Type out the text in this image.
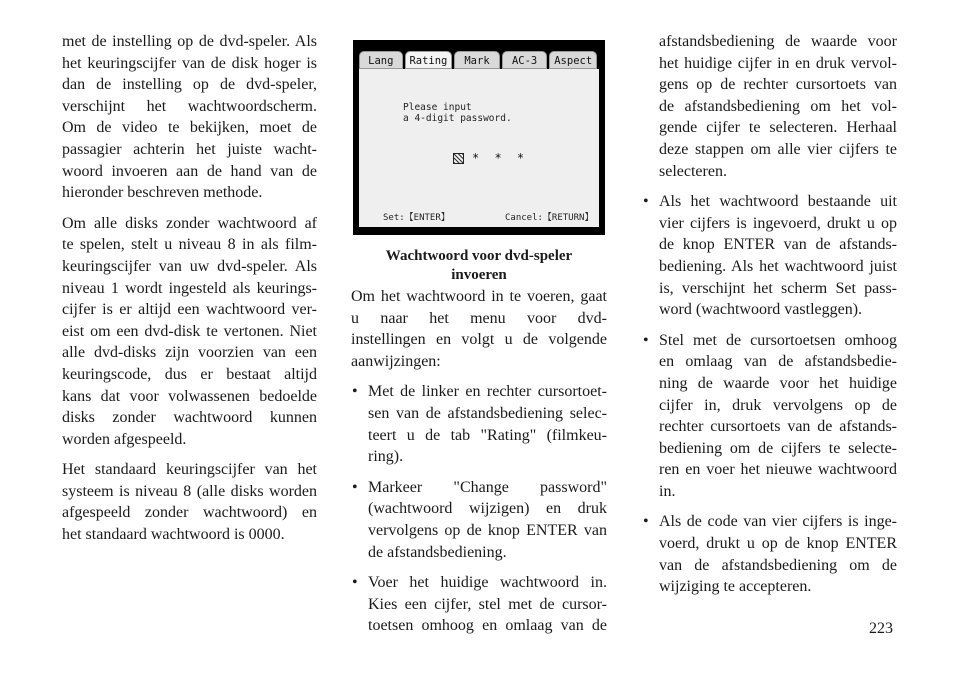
met de instelling op de dvd-speler. Als
het keuringscijfer van de disk hoger is
dan de instelling op de dvd-speler,
verschijnt het wachtwoordscherm.
Om de video te bekijken, moet de
passagier achterin het juiste wacht-
woord invoeren aan de hand van de
hieronder beschreven methode.

Om alle disks zonder wachtwoord af
te spelen, stelt u niveau 8 in als film-
keuringscijfer van uw dvd-speler. Als
niveau 1 wordt ingesteld als keurings-
cijfer is er altijd een wachtwoord ver-
eist om een dvd-disk te vertonen. Niet
alle dvd-disks zijn voorzien van een
keuringscode, dus er bestaat altijd
kans dat voor volwassenen bedoelde
disks zonder wachtwoord kunnen
worden afgespeeld.

Het standaard keuringscijfer van het
systeem is niveau 8 (alle disks worden
afgespeeld zonder wachtwoord) en
het standaard wachtwoord is 0000.

Lang	Rating	Mark	AC-3	Aspect
Please input
a 4-digit password.
* * *
Set:【ENTER】	Cancel:【RETURN】
Wachtwoord voor dvd-speler
invoeren

Om het wachtwoord in te voeren, gaat
u naar het menu voor dvd-
instellingen en volgt u de volgende
aanwijzingen:

• Met de linker en rechter cursortoet-
sen van de afstandsbediening selec-
teert u de tab "Rating" (filmkeu-
ring).
• Markeer "Change password"
(wachtwoord wijzigen) en druk
vervolgens op de knop ENTER van
de afstandsbediening.
• Voer het huidige wachtwoord in.
Kies een cijfer, stel met de cursor-
toetsen omhoog en omlaag van de

afstandsbediening de waarde voor
het huidige cijfer in en druk vervol-
gens op de rechter cursortoets van
de afstandsbediening om het vol-
gende cijfer te selecteren. Herhaal
deze stappen om alle vier cijfers te
selecteren.

• Als het wachtwoord bestaande uit
vier cijfers is ingevoerd, drukt u op
de knop ENTER van de afstands-
bediening. Als het wachtwoord juist
is, verschijnt het scherm Set pass-
word (wachtwoord vastleggen).
• Stel met de cursortoetsen omhoog
en omlaag van de afstandsbedie-
ning de waarde voor het huidige
cijfer in, druk vervolgens op de
rechter cursortoets van de afstands-
bediening om de cijfers te selecte-
ren en voer het nieuwe wachtwoord
in.
• Als de code van vier cijfers is inge-
voerd, drukt u op de knop ENTER
van de afstandsbediening om de
wijziging te accepteren.
223
